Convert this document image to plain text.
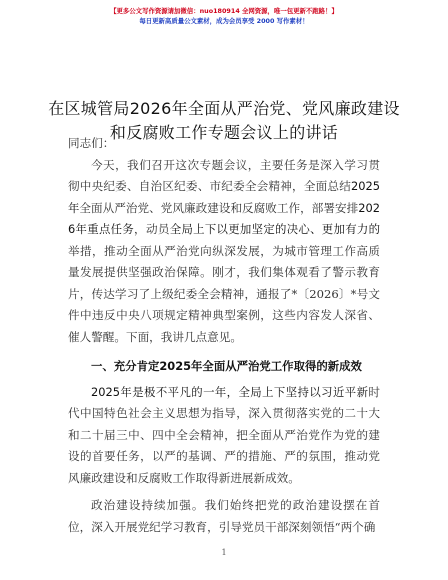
【更多公文写作资源请加微信：nuo180914 全网资源，唯一包更新不跑路！】
每日更新高质量公文素材，成为会员享受 2000 写作素材！
在区城管局2026年全面从严治党、党风廉政建设和反腐败工作专题会议上的讲话

同志们：

今天，我们召开这次专题会议，主要任务是深入学习贯彻中央纪委、自治区纪委、市纪委全会精神，全面总结2025年全面从严治党、党风廉政建设和反腐败工作，部署安排2026年重点任务，动员全局上下以更加坚定的决心、更加有力的举措，推动全面从严治党向纵深发展，为城市管理工作高质量发展提供坚强政治保障。刚才，我们集体观看了警示教育片，传达学习了上级纪委全会精神，通报了*〔2026〕*号文件中违反中央八项规定精神典型案例，这些内容发人深省、催人警醒。下面，我讲几点意见。

一、充分肯定2025年全面从严治党工作取得的新成效

2025年是极不平凡的一年，全局上下坚持以习近平新时代中国特色社会主义思想为指导，深入贯彻落实党的二十大和二十届三中、四中全会精神，把全面从严治党作为党的建设的首要任务，以严的基调、严的措施、严的氛围，推动党风廉政建设和反腐败工作取得新进展新成效。

政治建设持续加强。我们始终把党的政治建设摆在首位，深入开展党纪学习教育，引导党员干部深刻领悟“两个确

1
